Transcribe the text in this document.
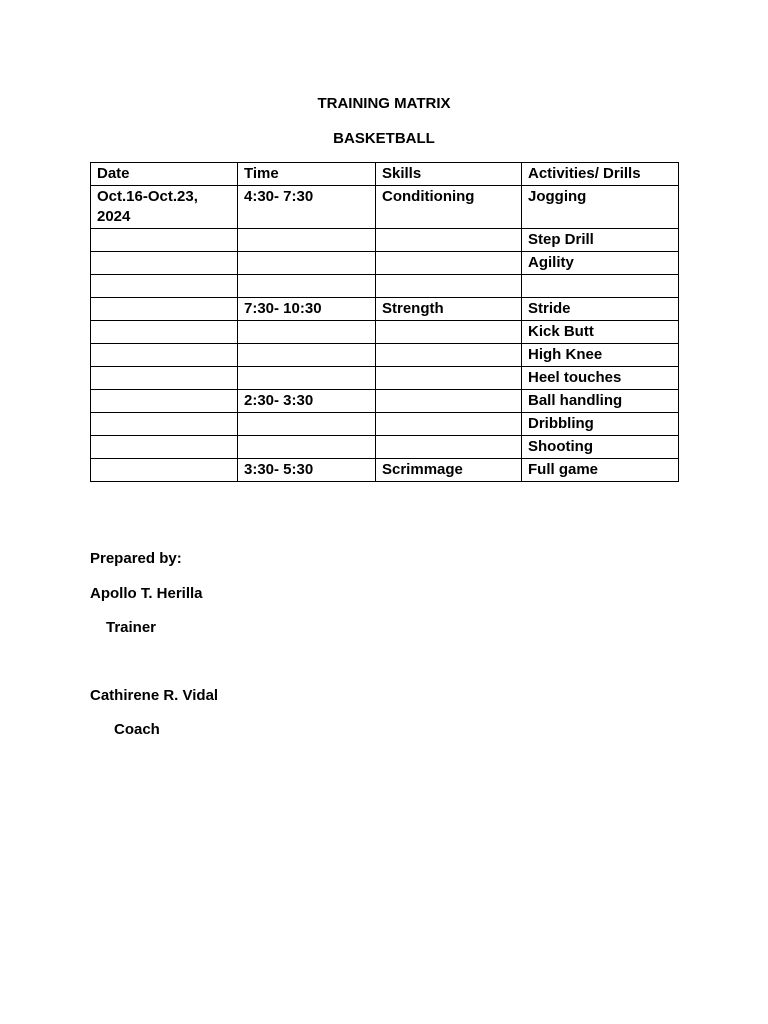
TRAINING MATRIX
BASKETBALL
Date	Time	Skills	Activities/ Drills
Oct.16-Oct.23, 2024	4:30- 7:30	Conditioning	Jogging
			Step Drill
			Agility

	7:30- 10:30	Strength	Stride
			Kick Butt
			High Knee
			Heel touches
	2:30- 3:30		Ball handling
			Dribbling
			Shooting
	3:30- 5:30	Scrimmage	Full game
Prepared by:
Apollo T. Herilla
Trainer
Cathirene R. Vidal
Coach
